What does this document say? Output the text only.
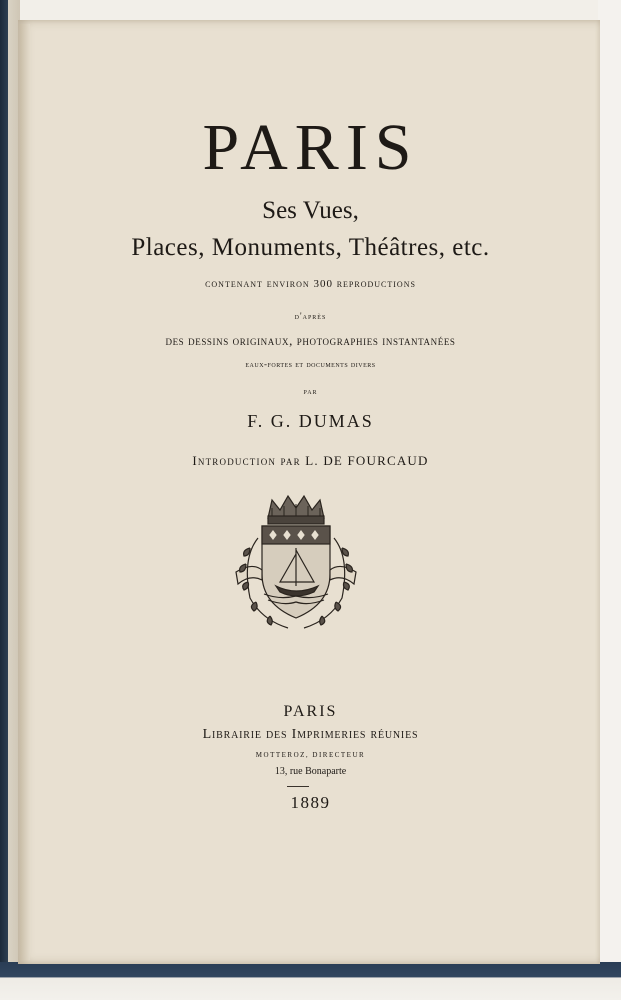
PARIS
Ses Vues,
Places, Monuments, Théâtres, etc.
contenant environ 300 reproductions
d'après
des dessins originaux, photographies instantanées
eaux-fortes et documents divers
par
F. G. DUMAS
Introduction par L. DE FOURCAUD
PARIS
Librairie des Imprimeries réunies
MOTTEROZ, DIRECTEUR
13, rue Bonaparte
1889
